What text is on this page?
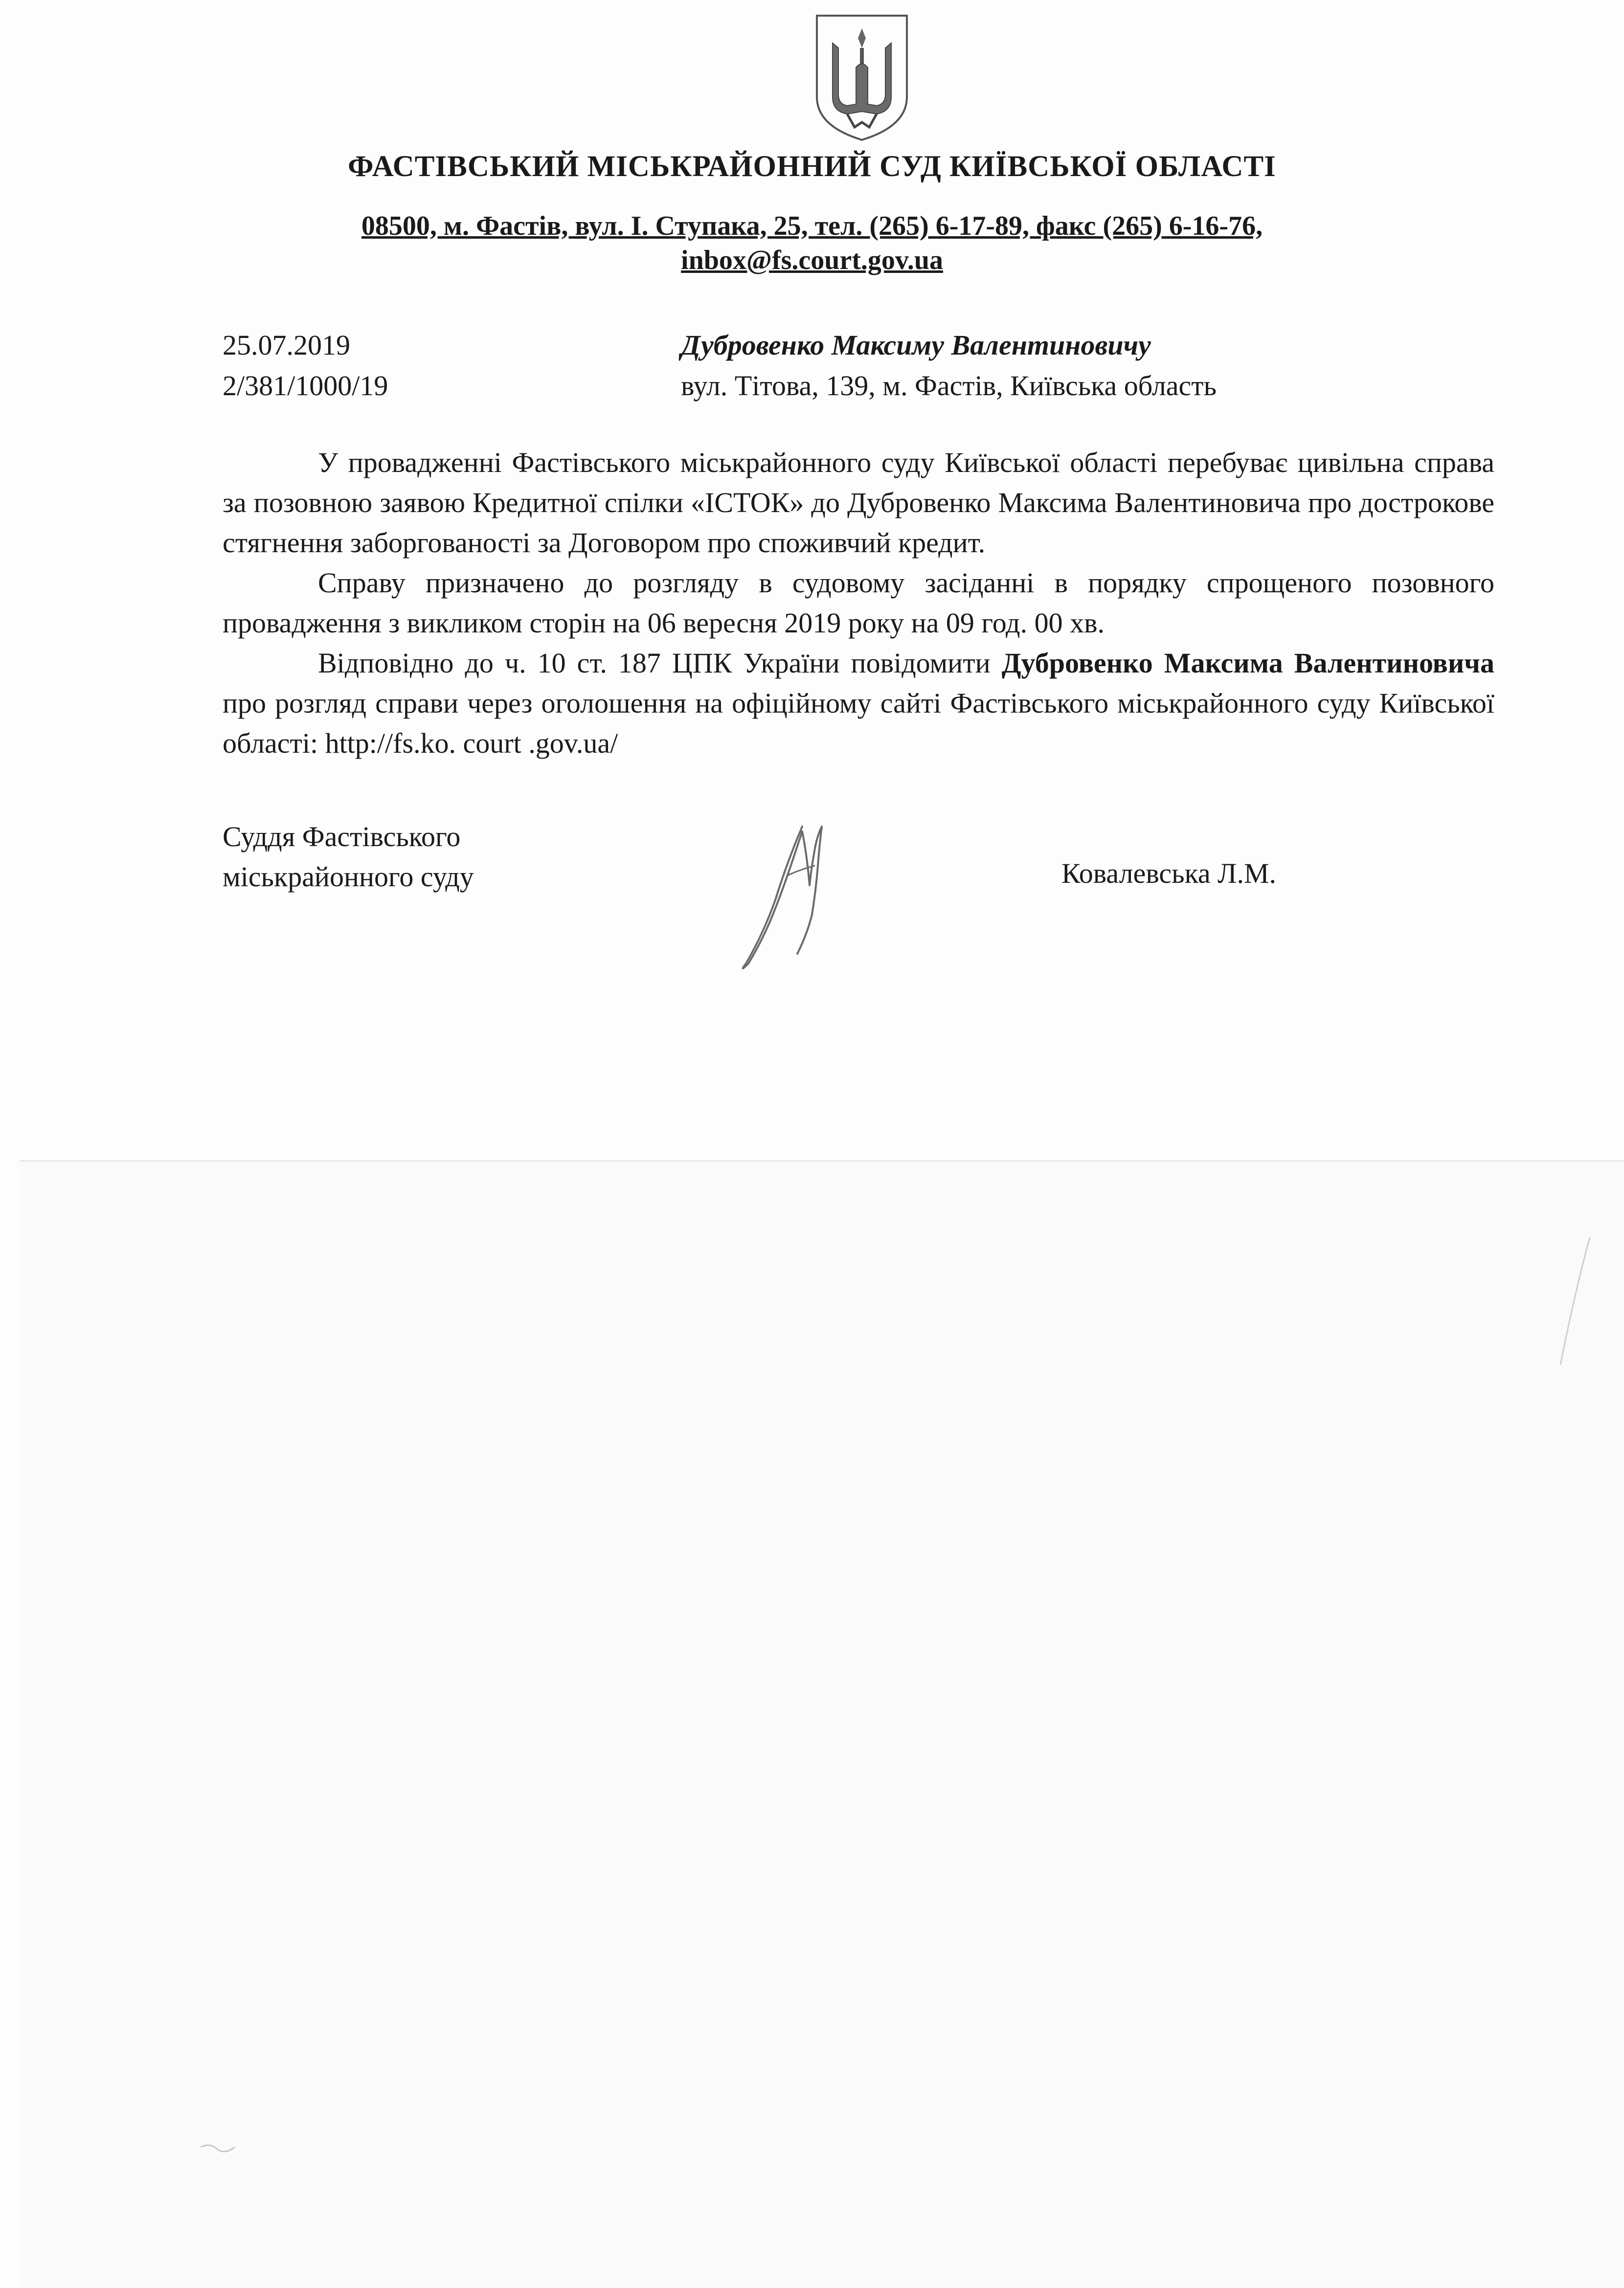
ФАСТІВСЬКИЙ МІСЬКРАЙОННИЙ СУД КИЇВСЬКОЇ ОБЛАСТІ
08500, м. Фастів, вул. І. Ступака, 25, тел. (265) 6-17-89, факс (265) 6-16-76,
inbox@fs.court.gov.ua
25.07.2019
2/381/1000/19
Дубровенко Максиму Валентиновичу
вул. Тітова, 139, м. Фастів, Київська область

У провадженні Фастівського міськрайонного суду Київської області перебуває цивільна справа за позовною заявою Кредитної спілки «ІСТОК» до Дубровенко Максима Валентиновича про дострокове стягнення заборгованості за Договором про споживчий кредит.

Справу призначено до розгляду в судовому засіданні в порядку спрощеного позовного провадження з викликом сторін на 06 вересня 2019 року на 09 год. 00 хв.

Відповідно до ч. 10 ст. 187 ЦПК України повідомити Дубровенко Максима Валентиновича про розгляд справи через оголошення на офіційному сайті Фастівського міськрайонного суду Київської області: http://fs.ko. court .gov.ua/

Суддя Фастівського
міськрайонного суду	Ковалевська Л.М.
